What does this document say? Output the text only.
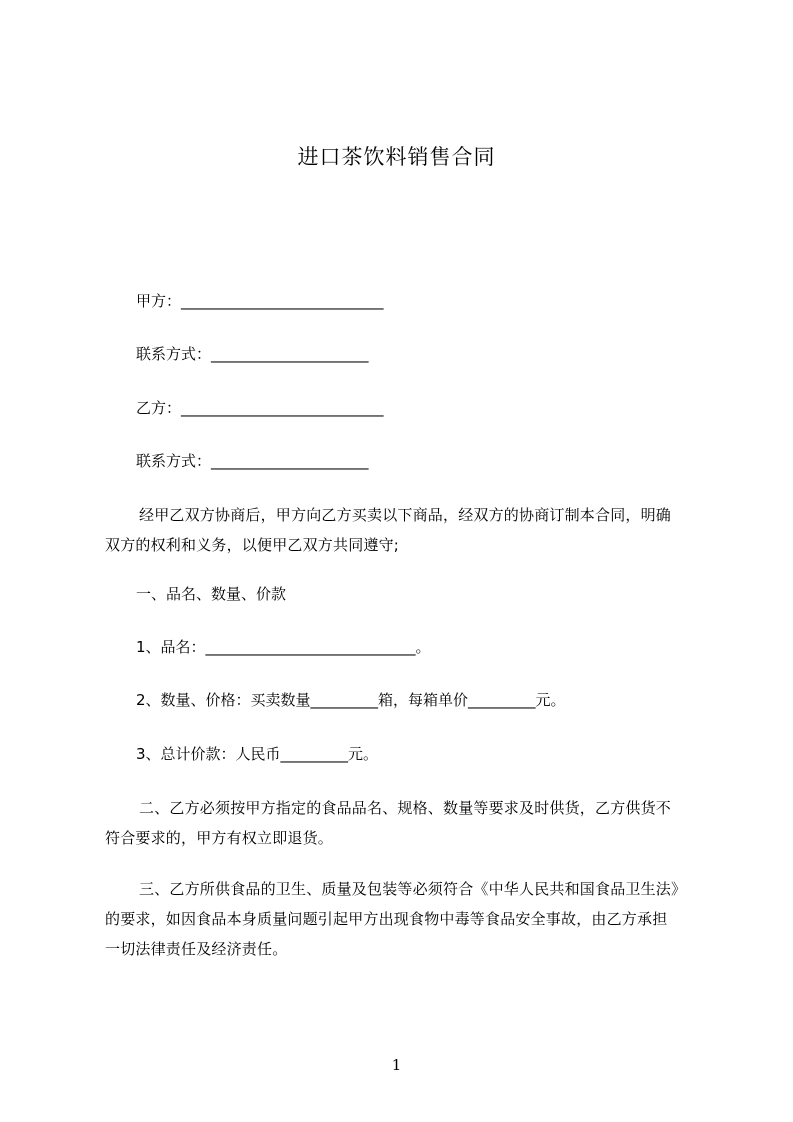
进口茶饮料销售合同
甲方：___________________________
联系方式：_____________________
乙方：___________________________
联系方式：_____________________
经甲乙双方协商后，甲方向乙方买卖以下商品，经双方的协商订制本合同，明确
双方的权利和义务，以便甲乙双方共同遵守;
一、品名、数量、价款
1、品名：____________________________。
2、数量、价格：买卖数量_________箱，每箱单价_________元。
3、总计价款：人民币_________元。
二、乙方必须按甲方指定的食品品名、规格、数量等要求及时供货，乙方供货不
符合要求的，甲方有权立即退货。
三、乙方所供食品的卫生、质量及包装等必须符合《中华人民共和国食品卫生法》
的要求，如因食品本身质量问题引起甲方出现食物中毒等食品安全事故，由乙方承担
一切法律责任及经济责任。
1
